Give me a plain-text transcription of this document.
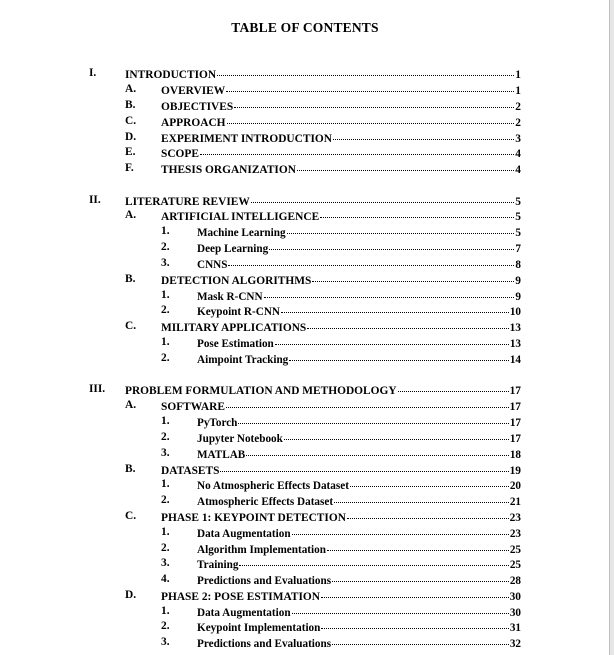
TABLE OF CONTENTS
I.	INTRODUCTION	1
A. OVERVIEW	1
B. OBJECTIVES	2
C. APPROACH	2
D. EXPERIMENT INTRODUCTION	3
E. SCOPE	4
F. THESIS ORGANIZATION	4
II. LITERATURE REVIEW	5
A. ARTIFICIAL INTELLIGENCE	5
1. Machine Learning	5
2. Deep Learning	7
3. CNNS	8
B. DETECTION ALGORITHMS	9
1. Mask R-CNN	9
2. Keypoint R-CNN	10
C. MILITARY APPLICATIONS	13
1. Pose Estimation	13
2. Aimpoint Tracking	14
III. PROBLEM FORMULATION AND METHODOLOGY	17
A. SOFTWARE	17
1. PyTorch	17
2. Jupyter Notebook	17
3. MATLAB	18
B. DATASETS	19
1. No Atmospheric Effects Dataset	20
2. Atmospheric Effects Dataset	21
C. PHASE 1: KEYPOINT DETECTION	23
1. Data Augmentation	23
2. Algorithm Implementation	25
3. Training	25
4. Predictions and Evaluations	28
D. PHASE 2: POSE ESTIMATION	30
1. Data Augmentation	30
2. Keypoint Implementation	31
3. Predictions and Evaluations	32
